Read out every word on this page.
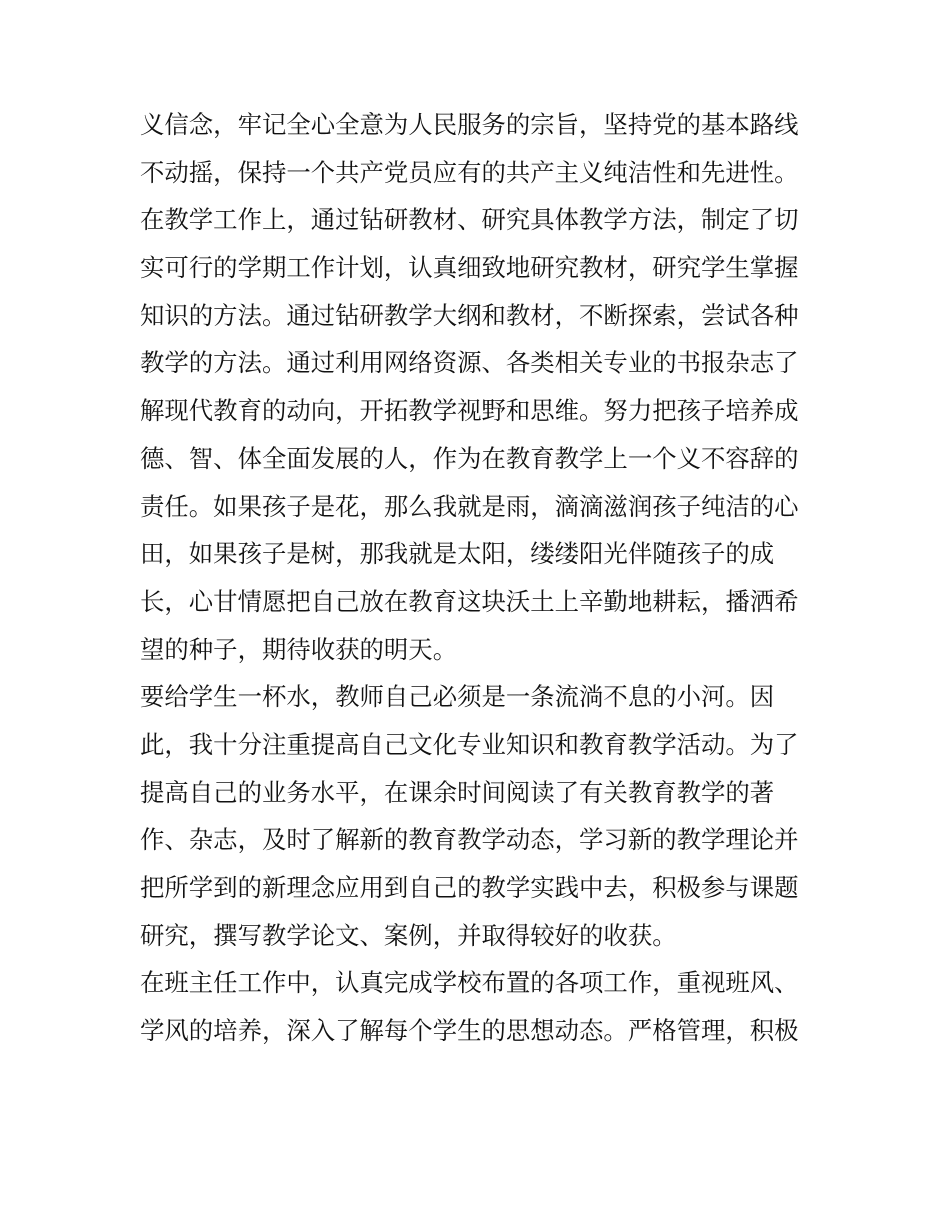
义信念，牢记全心全意为人民服务的宗旨，坚持党的基本路线
不动摇，保持一个共产党员应有的共产主义纯洁性和先进性。
在教学工作上，通过钻研教材、研究具体教学方法，制定了切
实可行的学期工作计划，认真细致地研究教材，研究学生掌握
知识的方法。通过钻研教学大纲和教材，不断探索，尝试各种
教学的方法。通过利用网络资源、各类相关专业的书报杂志了
解现代教育的动向，开拓教学视野和思维。努力把孩子培养成
德、智、体全面发展的人，作为在教育教学上一个义不容辞的
责任。如果孩子是花，那么我就是雨，滴滴滋润孩子纯洁的心
田，如果孩子是树，那我就是太阳，缕缕阳光伴随孩子的成
长，心甘情愿把自己放在教育这块沃土上辛勤地耕耘，播洒希
望的种子，期待收获的明天。
要给学生一杯水，教师自己必须是一条流淌不息的小河。因
此，我十分注重提高自己文化专业知识和教育教学活动。为了
提高自己的业务水平，在课余时间阅读了有关教育教学的著
作、杂志，及时了解新的教育教学动态，学习新的教学理论并
把所学到的新理念应用到自己的教学实践中去，积极参与课题
研究，撰写教学论文、案例，并取得较好的收获。
在班主任工作中，认真完成学校布置的各项工作，重视班风、
学风的培养，深入了解每个学生的思想动态。严格管理，积极
